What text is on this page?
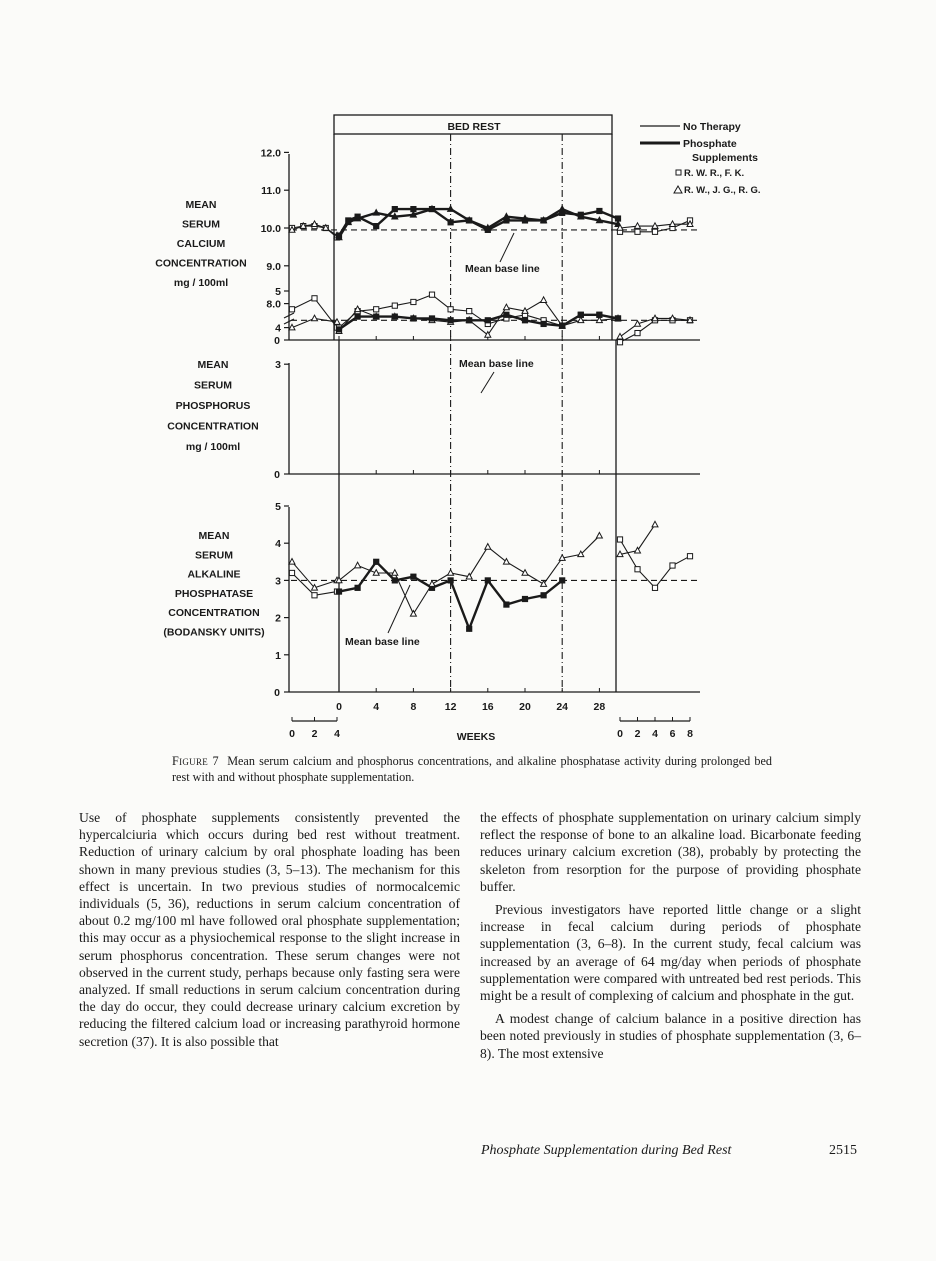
BED REST
0
12.0
11.0
10.0
9.0
8.0
MEAN
SERUM
CALCIUM
CONCENTRATION
mg / 100ml
0
5
4
3
MEAN
SERUM
PHOSPHORUS
CONCENTRATION
mg / 100ml
0
5
4
3
2
1
MEAN
SERUM
ALKALINE
PHOSPHATASE
CONCENTRATION
(BODANSKY UNITS)
0	4	8	12 16 20 24 28
0 2 4	0 2 4 6 8
WEEKS
No Therapy
Phosphate
Supplements
R. W. R., F. K.
R. W., J. G., R. G.
Mean base line
Mean base line
Mean base line
Figure 7 Mean serum calcium and phosphorus concentrations, and alkaline phosphatase activity during prolonged bed rest with and without phosphate supplementation.

Use of phosphate supplements consistently prevented the hypercalciuria which occurs during bed rest without treatment. Reduction of urinary calcium by oral phosphate loading has been shown in many previous studies (3, 5–13). The mechanism for this effect is uncertain. In two previous studies of normocalcemic individuals (5, 36), reductions in serum calcium concentration of about 0.2 mg/100 ml have followed oral phosphate supplementation; this may occur as a physiochemical response to the slight increase in serum phosphorus concentration. These serum changes were not observed in the current study, perhaps because only fasting sera were analyzed. If small reductions in serum calcium concentration during the day do occur, they could decrease urinary calcium excretion by reducing the filtered calcium load or increasing parathyroid hormone secretion (37). It is also possible that

the effects of phosphate supplementation on urinary calcium simply reflect the response of bone to an alkaline load. Bicarbonate feeding reduces urinary calcium excretion (38), probably by protecting the skeleton from resorption for the purpose of providing phosphate buffer.

Previous investigators have reported little change or a slight increase in fecal calcium during periods of phosphate supplementation (3, 6–8). In the current study, fecal calcium was increased by an average of 64 mg/day when periods of phosphate supplementation were compared with untreated bed rest periods. This might be a result of complexing of calcium and phosphate in the gut.

A modest change of calcium balance in a positive direction has been noted previously in studies of phosphate supplementation (3, 6–8). The most extensive

Phosphate Supplementation during Bed Rest	2515
